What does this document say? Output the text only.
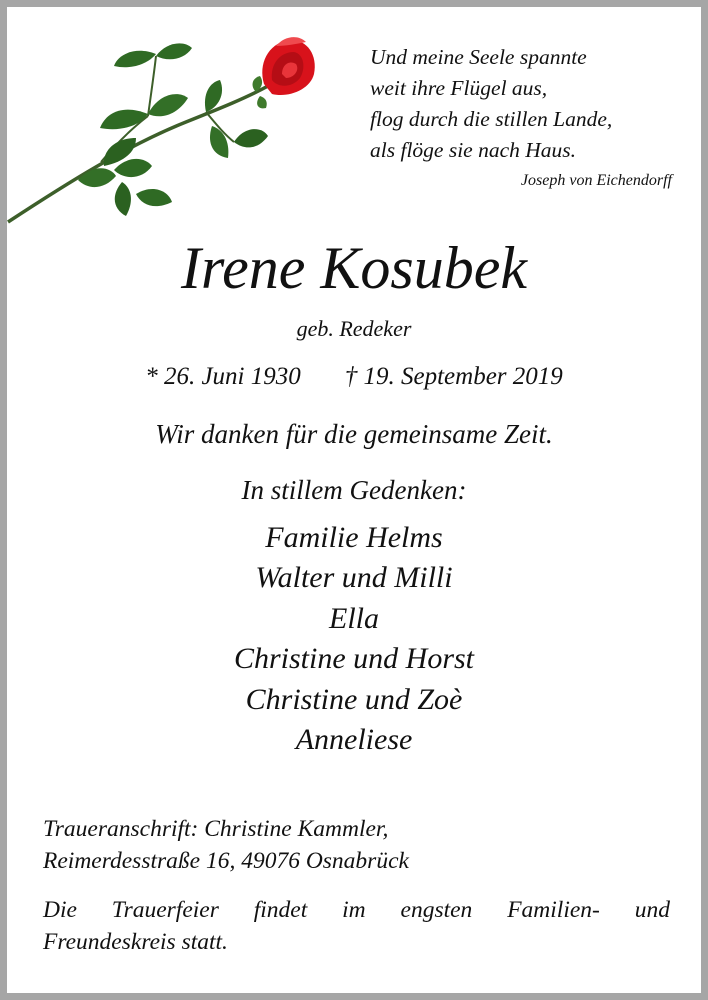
Und meine Seele spannte
weit ihre Flügel aus,
flog durch die stillen Lande,
als flöge sie nach Haus.
Joseph von Eichendorff
Irene Kosubek
geb. Redeker
* 26. Juni 1930 † 19. September 2019
Wir danken für die gemeinsame Zeit.
In stillem Gedenken:
Familie Helms
Walter und Milli
Ella
Christine und Horst
Christine und Zoè
Anneliese
Traueranschrift: Christine Kammler,
Reimerdesstraße 16, 49076 Osnabrück
Die Trauerfeier findet im engsten Familien- und
Freundeskreis statt.
